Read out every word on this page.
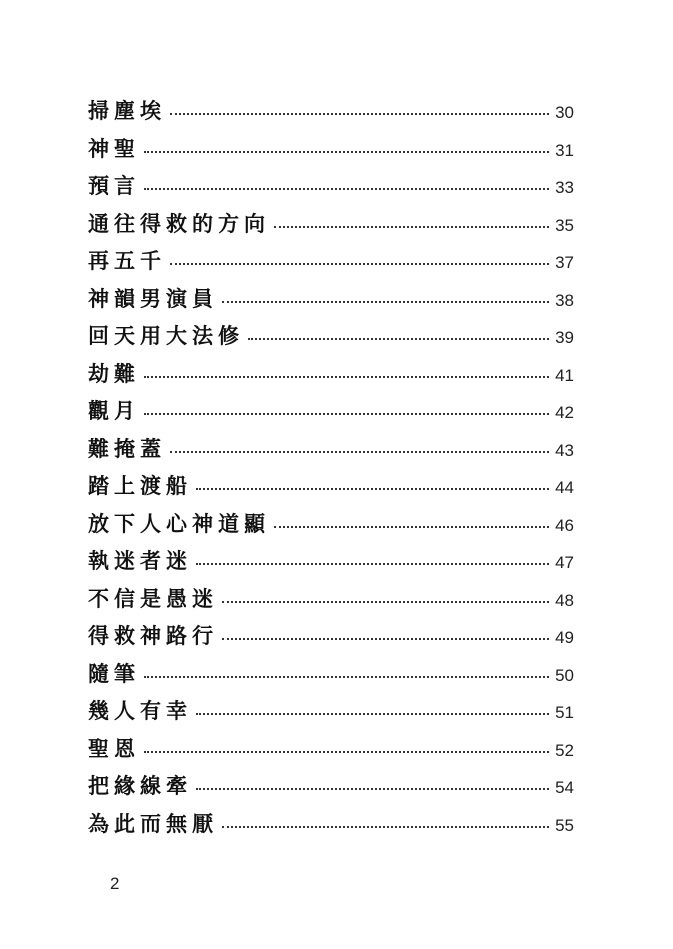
掃塵埃	30
神聖	31
預言	33
通往得救的方向	35
再五千	37
神韻男演員	38
回天用大法修	39
劫難	41
觀月	42
難掩蓋	43
踏上渡船	44
放下人心神道顯	46
執迷者迷	47
不信是愚迷	48
得救神路行	49
隨筆	50
幾人有幸	51
聖恩	52
把緣線牽	54
為此而無厭	55
2
